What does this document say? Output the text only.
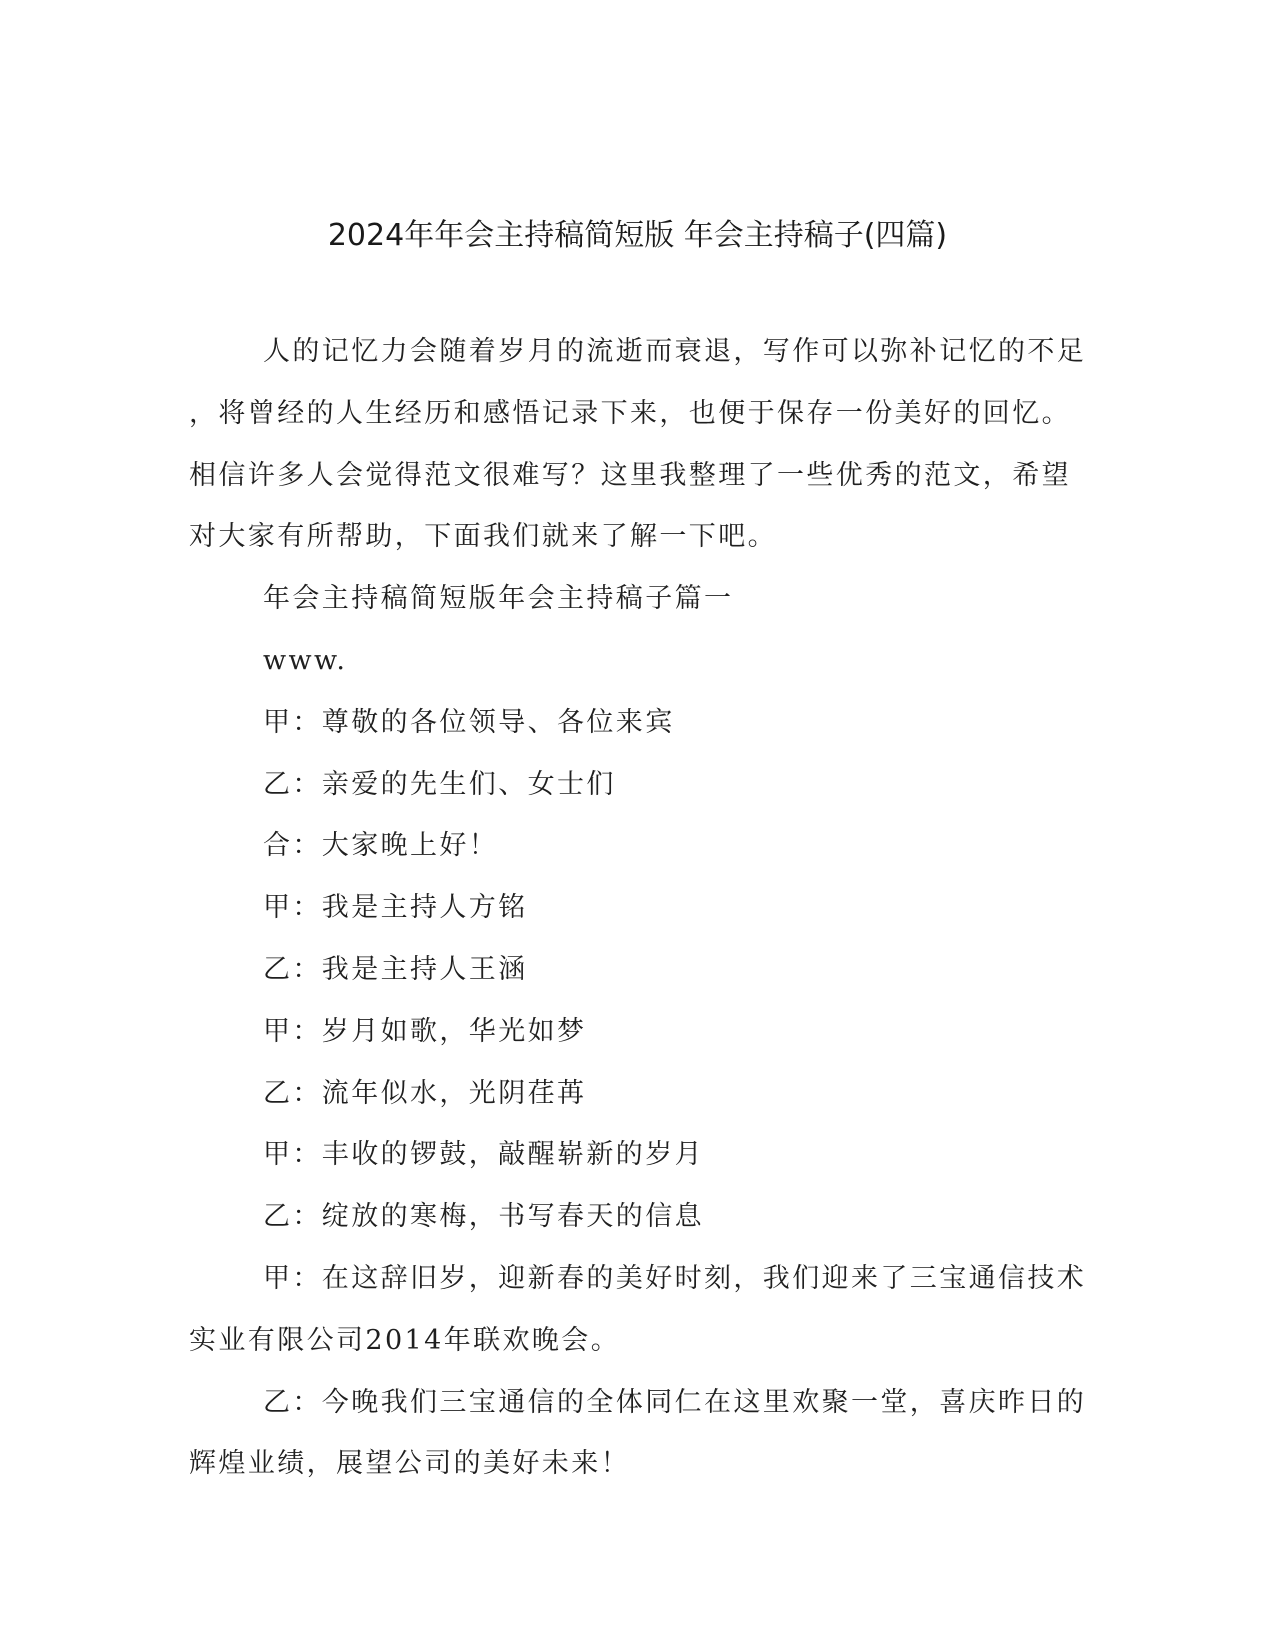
2024年年会主持稿简短版 年会主持稿子(四篇)
人的记忆力会随着岁月的流逝而衰退，写作可以弥补记忆的不足
，将曾经的人生经历和感悟记录下来，也便于保存一份美好的回忆。
相信许多人会觉得范文很难写？这里我整理了一些优秀的范文，希望
对大家有所帮助，下面我们就来了解一下吧。
年会主持稿简短版年会主持稿子篇一
www.
甲：尊敬的各位领导、各位来宾
乙：亲爱的先生们、女士们
合：大家晚上好！
甲：我是主持人方铭
乙：我是主持人王涵
甲：岁月如歌，华光如梦
乙：流年似水，光阴荏苒
甲：丰收的锣鼓，敲醒崭新的岁月
乙：绽放的寒梅，书写春天的信息
甲：在这辞旧岁，迎新春的美好时刻，我们迎来了三宝通信技术
实业有限公司2014年联欢晚会。
乙：今晚我们三宝通信的全体同仁在这里欢聚一堂，喜庆昨日的
辉煌业绩，展望公司的美好未来！
